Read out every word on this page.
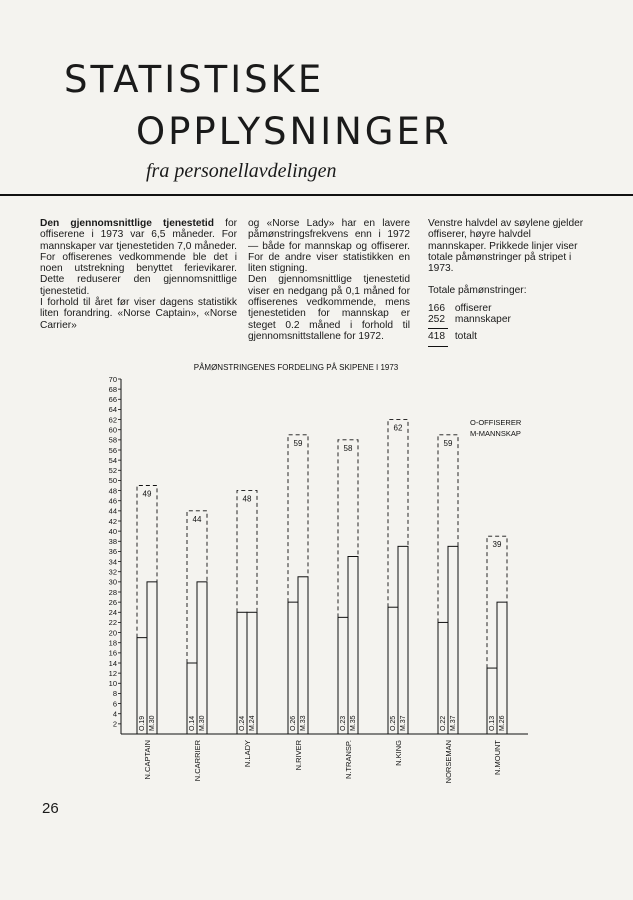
STATISTISKE
OPPLYSNINGER
fra personellavdelingen

Den gjennomsnittlige tjenestetid for offiserene i 1973 var 6,5 måneder. For mannskaper var tjenestetiden 7,0 måneder. For offiserenes vedkommende ble det i noen utstrekning benyttet ferievikarer. Dette reduserer den gjennomsnittlige tjenestetid.

I forhold til året før viser dagens statistikk liten forandring. «Norse Captain», «Norse Carrier»

og «Norse Lady» har en lavere påmønstringsfrekvens enn i 1972 — både for mannskap og offiserer. For de andre viser statistikken en liten stigning.

Den gjennomsnittlige tjenestetid viser en nedgang på 0,1 måned for offiserenes vedkommende, mens tjenestetiden for mannskap er steget 0.2 måned i forhold til gjennomsnittstallene for 1972.

Venstre halvdel av søylene gjelder offiserer, høyre halvdel mannskaper. Prikkede linjer viser totale påmønstringer på stripet i 1973.

Totale påmønstringer:

166
offiserer
252
mannskaper
418
totalt
PÅMØNSTRINGENES FORDELING PÅ SKIPENE I 1973
2
4
6
8
10
12
14
16
18
20
22
24
26
28
30
32
34
36
38
40
42
44
46
48
50
52
54
56
58
60
62
64
66
68
70
49
O.19 M.30
N.CAPTAIN
44
O.14 M.30
N.CARRIER
48
O.24 M.24
N.LADY
59
O.26 M.33
N.RIVER
58
O.23 M.35
N.TRANSP.
62
O.25 M.37
N.KING
59
O.22 M.37
NORSEMAN
39
O.13 M.26
N.MOUNT
O-OFFISERER
M-MANNSKAP
26
